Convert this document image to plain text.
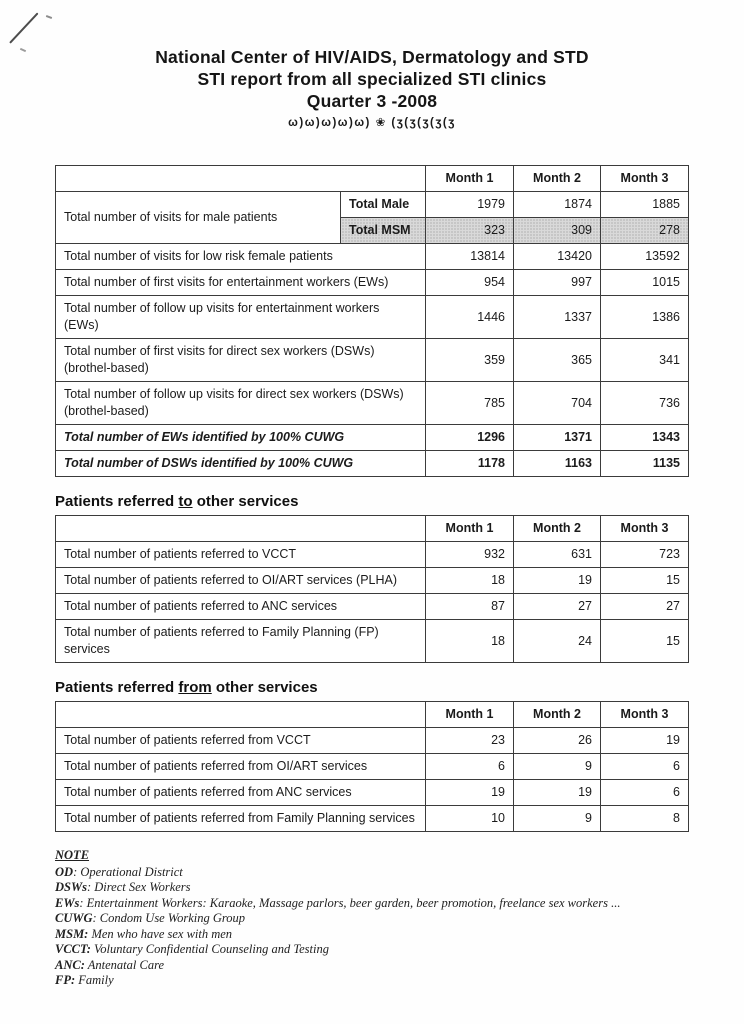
National Center of HIV/AIDS, Dermatology and STD
STI report from all specialized STI clinics
Quarter 3 -2008
ω)ω)ω)ω)ω) ❀ (ʒ(ʒ(ʒ(ʒ(ʒ
		Month 1	Month 2	Month 3
Total number of visits for male patients	Total Male	1979	1874	1885
	Total MSM	323	309	278
Total number of visits for low risk female patients		13814	13420	13592
Total number of first visits for entertainment workers (EWs)		954	997	1015
Total number of follow up visits for entertainment workers (EWs)		1446	1337	1386

Total number of first visits for direct sex workers (DSWs)
(brothel-based)		359	365	341

Total number of follow up visits for direct sex workers (DSWs)
(brothel-based)		785	704	736
Total number of EWs identified by 100% CUWG		1296	1371	1343
Total number of DSWs identified by 100% CUWG		1178	1163	1135
Patients referred to other services
	Month 1	Month 2	Month 3
Total number of patients referred to VCCT	932	631	723
Total number of patients referred to OI/ART services (PLHA)	18	19	15
Total number of patients referred to ANC services	87	27	27

Total number of patients referred to Family Planning (FP)
services	18	24	15
Patients referred from other services
	Month 1	Month 2	Month 3
Total number of patients referred from VCCT	23	26	19
Total number of patients referred from OI/ART services	6	9	6
Total number of patients referred from ANC services	19	19	6
Total number of patients referred from Family Planning services	10	9	8
NOTE
OD: Operational District
DSWs: Direct Sex Workers
EWs: Entertainment Workers: Karaoke, Massage parlors, beer garden, beer promotion, freelance sex workers ...
CUWG: Condom Use Working Group
MSM: Men who have sex with men
VCCT: Voluntary Confidential Counseling and Testing
ANC: Antenatal Care
FP: Family
